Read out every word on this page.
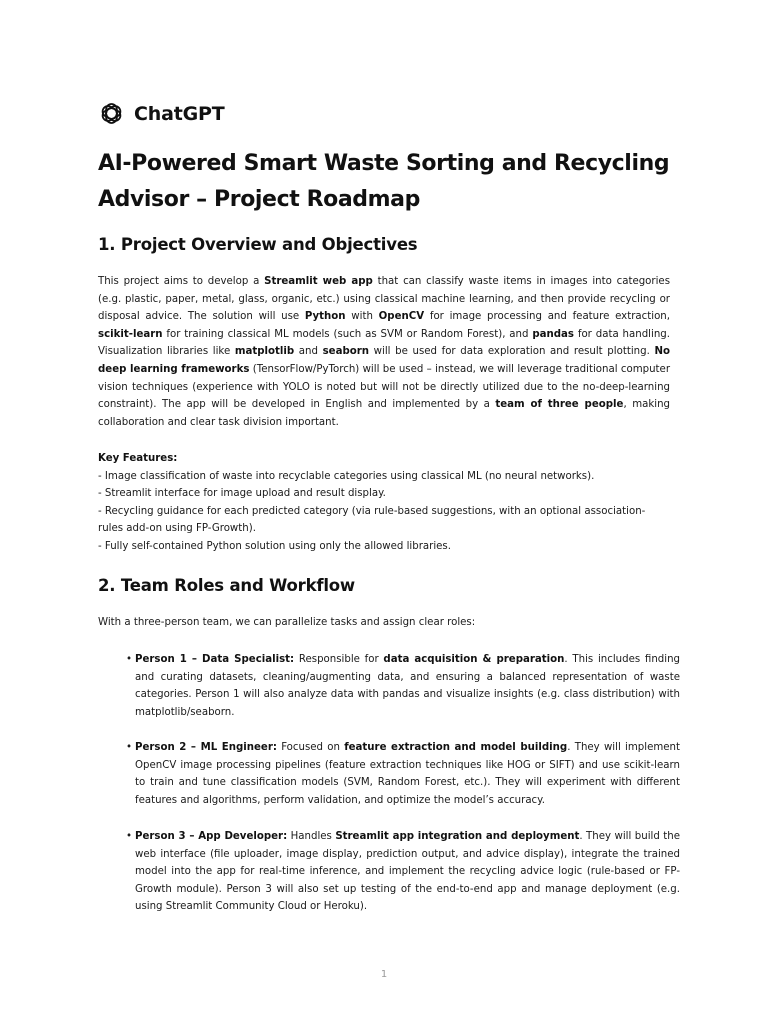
ChatGPT
AI-Powered Smart Waste Sorting and Recycling Advisor – Project Roadmap
1. Project Overview and Objectives

This project aims to develop a Streamlit web app that can classify waste items in images into categories (e.g. plastic, paper, metal, glass, organic, etc.) using classical machine learning, and then provide recycling or disposal advice. The solution will use Python with OpenCV for image processing and feature extraction, scikit-learn for training classical ML models (such as SVM or Random Forest), and pandas for data handling. Visualization libraries like matplotlib and seaborn will be used for data exploration and result plotting. No deep learning frameworks (TensorFlow/PyTorch) will be used – instead, we will leverage traditional computer vision techniques (experience with YOLO is noted but will not be directly utilized due to the no-deep-learning constraint). The app will be developed in English and implemented by a team of three people, making collaboration and clear task division important.

Key Features:
- Image classification of waste into recyclable categories using classical ML (no neural networks).
- Streamlit interface for image upload and result display.
- Recycling guidance for each predicted category (via rule-based suggestions, with an optional association-rules add-on using FP-Growth).
- Fully self-contained Python solution using only the allowed libraries.

2. Team Roles and Workflow

With a three-person team, we can parallelize tasks and assign clear roles:

• Person 1 – Data Specialist: Responsible for data acquisition & preparation. This includes finding and curating datasets, cleaning/augmenting data, and ensuring a balanced representation of waste categories. Person 1 will also analyze data with pandas and visualize insights (e.g. class distribution) with matplotlib/seaborn.
• Person 2 – ML Engineer: Focused on feature extraction and model building. They will implement OpenCV image processing pipelines (feature extraction techniques like HOG or SIFT) and use scikit-learn to train and tune classification models (SVM, Random Forest, etc.). They will experiment with different features and algorithms, perform validation, and optimize the model’s accuracy.
• Person 3 – App Developer: Handles Streamlit app integration and deployment. They will build the web interface (file uploader, image display, prediction output, and advice display), integrate the trained model into the app for real-time inference, and implement the recycling advice logic (rule-based or FP-Growth module). Person 3 will also set up testing of the end-to-end app and manage deployment (e.g. using Streamlit Community Cloud or Heroku).
1
